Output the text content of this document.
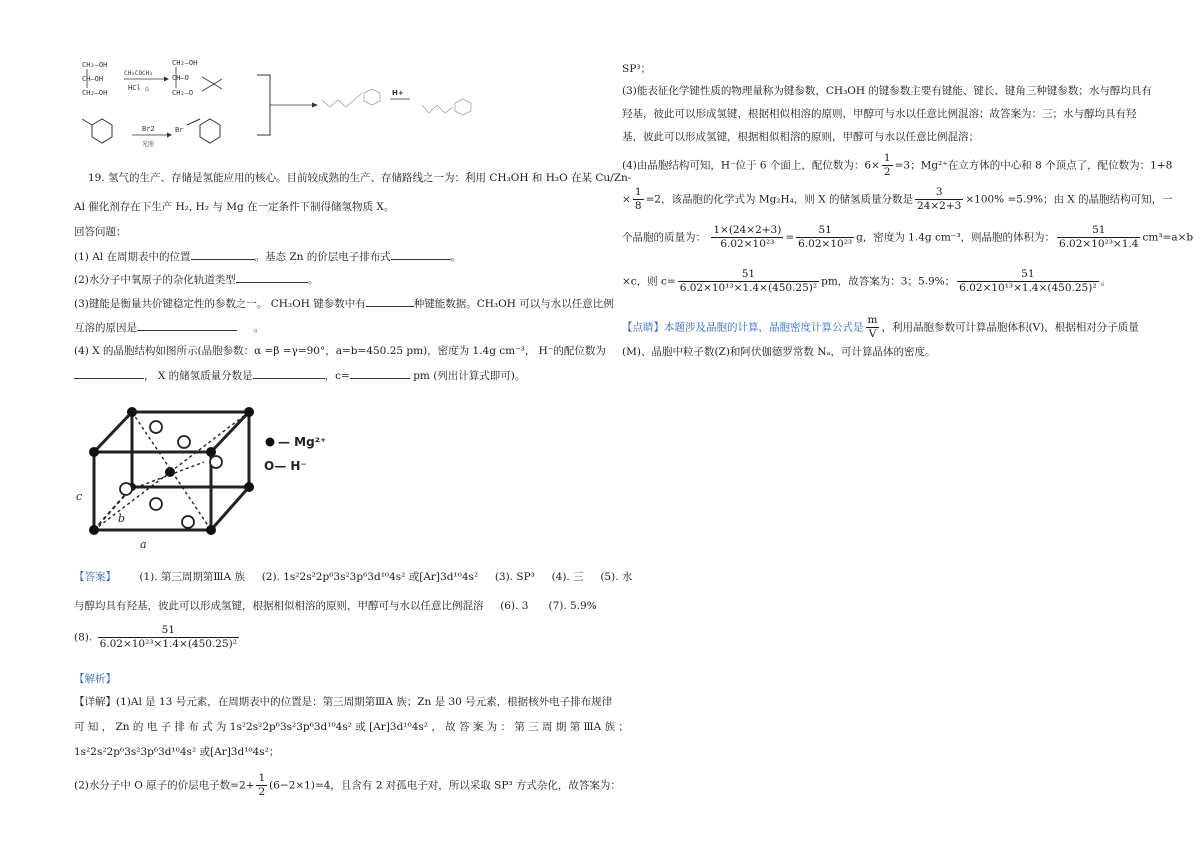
CH₂—OH
CH—OH
CH₂—OH
CH₃COCH₃
HCl △
CH₂—OH
CH—O
CH₂—O
Br2
光照
Br
H+
19. 氢气的生产、存储是氢能应用的核心。目前较成熟的生产、存储路线之一为：利用 CH₃OH 和 H₂O 在某 Cu/Zn-
Al 催化剂存在下生产 H₂, H₂ 与 Mg 在一定条件下制得储氢物质 X。
回答问题：
(1) Al 在周期表中的位置	。基态 Zn 的价层电子排布式	。
(2)水分子中氧原子的杂化轨道类型	。
(3)键能是衡量共价键稳定性的参数之一。 CH₃OH 键参数中有	种键能数据。CH₃OH 可以与水以任意比例
互溶的原因是	。
(4) X 的晶胞结构如图所示(晶胞参数：α =β =γ=90°，a=b=450.25 pm)，密度为 1.4g cm⁻³， H⁻的配位数为
， X 的储氢质量分数是	，c=	pm (列出计算式即可)。
— Mg²⁺
O— H⁻
c
b
a
【答案】 (1). 第三周期第ⅢA 族 (2). 1s²2s²2p⁶3s²3p⁶3d¹⁰4s² 或[Ar]3d¹⁰4s² (3). SP³ (4). 三 (5). 水
与醇均具有羟基，彼此可以形成氢键，根据相似相溶的原则，甲醇可与水以任意比例混溶 (6). 3 (7). 5.9%
(8). $\frac{51}{\text{6.02×10²³×1.4×(450.25)²}}$
【解析】
【详解】(1)Al 是 13 号元素，在周期表中的位置是：第三周期第ⅢA 族；Zn 是 30 号元素，根据核外电子排布规律
可 知 ， Zn 的 电 子 排 布 式 为 1s²2s²2p⁶3s²3p⁶3d¹⁰4s² 或 [Ar]3d¹⁰4s² ， 故 答 案 为 ： 第 三 周 期 第 ⅢA 族 ；
1s²2s²2p⁶3s²3p⁶3d¹⁰4s² 或[Ar]3d¹⁰4s²；
(2)水分子中 O 原子的价层电子数$=2+ \frac{1}{2} (6-2\times 1)=4$，且含有 2 对孤电子对，所以采取 SP³ 方式杂化，故答案为：
SP³；
(3)能表征化学键性质的物理量称为键参数，CH₃OH 的键参数主要有键能、键长、键角三种键参数；水与醇均具有
羟基，彼此可以形成氢键，根据相似相溶的原则，甲醇可与水以任意比例混溶；故答案为：三；水与醇均具有羟
基，彼此可以形成氢键，根据相似相溶的原则，甲醇可与水以任意比例混溶；
(4)由晶胞结构可知，H⁻位于 6 个面上，配位数为：$6\times \frac{1}{2} =3$；Mg²⁺在立方体的中心和 8 个顶点了，配位数为：1+8
× $\frac{1}{8} =2$，该晶胞的化学式为 Mg₂H₄，则 X 的储氢质量分数是 $\frac{3}{24\times 2+3} \times 100\% =5.9\%$；由 X 的晶胞结构可知，一
个晶胞的质量为： $\frac{1\times(24\times 2+3)}{\text{6.02×10²³}} = \frac{51}{\text{6.02×10²³}}$ g，密度为 1.4g cm⁻³，则晶胞的体积为： $\frac{51}{\text{6.02×10²³×1.4}} cm^3=a\times b$
×c，则 $c= \frac{51}{\text{6.02×10¹³×1.4×(450.25)²}}$ pm，故答案为：3；5.9%； $\frac{51}{\text{6.02×10¹³×1.4×(450.25)²}}$ 。
【点睛】本题涉及晶胞的计算，晶胞密度计算公式是 $\frac{m}{V}$ ，利用晶胞参数可计算晶胞体积(V)，根据相对分子质量
(M)、晶胞中粒子数(Z)和阿伏伽德罗常数 Nₐ，可计算晶体的密度。
